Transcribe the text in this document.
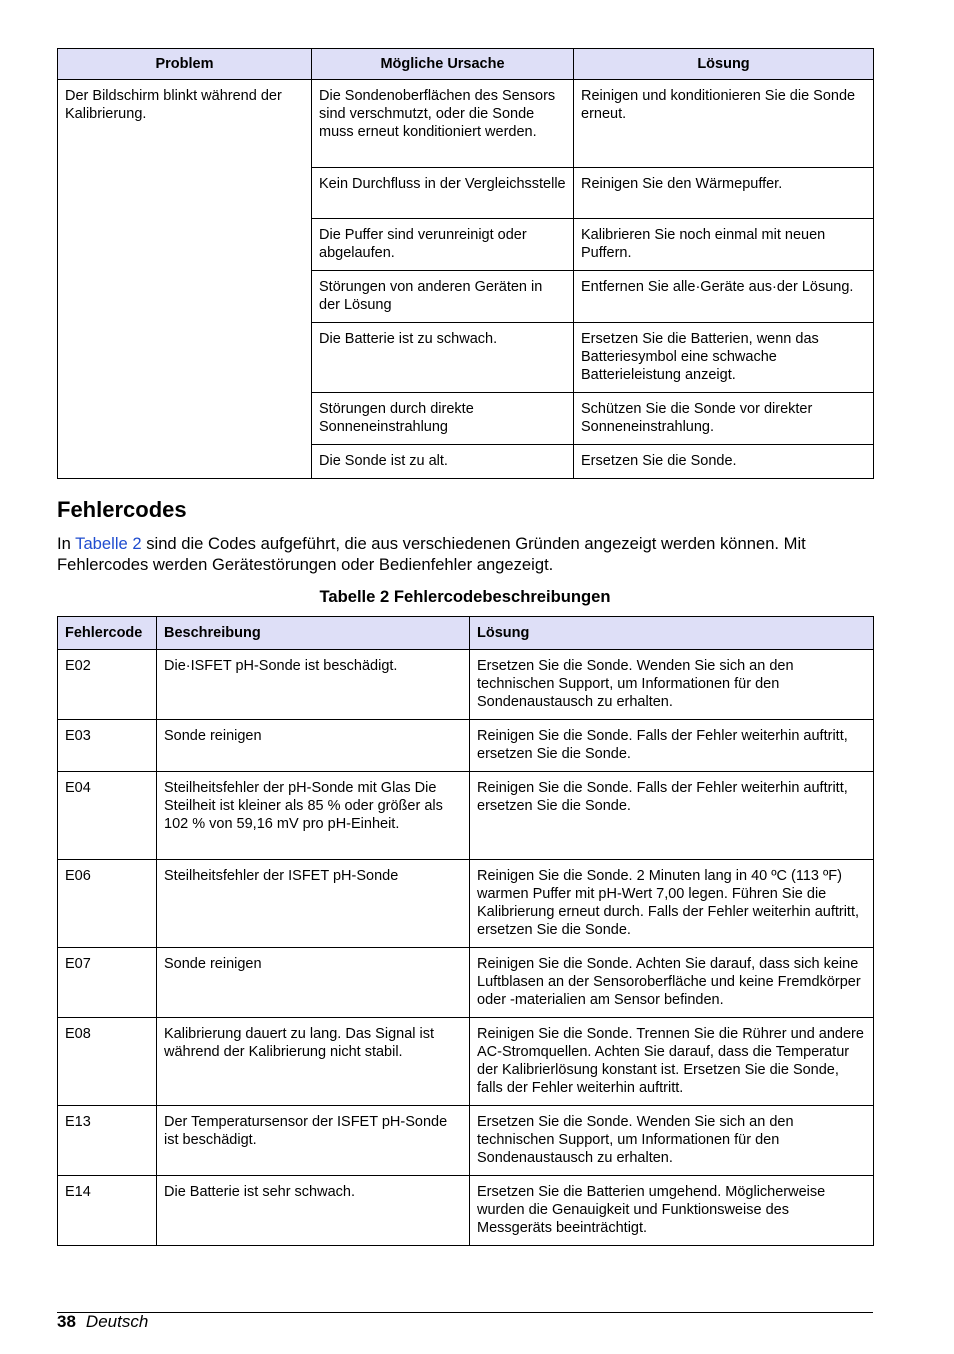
Problem	Mögliche Ursache	Lösung
Der Bildschirm blinkt während der Kalibrierung.	Die Sondenoberflächen des Sensors sind verschmutzt, oder die Sonde muss erneut konditioniert werden.	Reinigen und konditionieren Sie die Sonde erneut.
	Kein Durchfluss in der Vergleichsstelle	Reinigen Sie den Wärmepuffer.
	Die Puffer sind verunreinigt oder abgelaufen.	Kalibrieren Sie noch einmal mit neuen Puffern.
	Störungen von anderen Geräten in der Lösung	Entfernen Sie alle·Geräte aus·der Lösung.
	Die Batterie ist zu schwach.	Ersetzen Sie die Batterien, wenn das Batteriesymbol eine schwache Batterieleistung anzeigt.
	Störungen durch direkte Sonneneinstrahlung	Schützen Sie die Sonde vor direkter Sonneneinstrahlung.
	Die Sonde ist zu alt.	Ersetzen Sie die Sonde.
Fehlercodes

In Tabelle 2 sind die Codes aufgeführt, die aus verschiedenen Gründen angezeigt werden können. Mit Fehlercodes werden Gerätestörungen oder Bedienfehler angezeigt.

Tabelle 2 Fehlercodebeschreibungen

Fehlercode	Beschreibung	Lösung
E02	Die·ISFET pH-Sonde ist beschädigt.	Ersetzen Sie die Sonde. Wenden Sie sich an den technischen Support, um Informationen für den Sondenaustausch zu erhalten.
E03	Sonde reinigen	Reinigen Sie die Sonde. Falls der Fehler weiterhin auftritt, ersetzen Sie die Sonde.
E04	Steilheitsfehler der pH-Sonde mit Glas Die Steilheit ist kleiner als 85 % oder größer als 102 % von 59,16 mV pro pH-Einheit.	Reinigen Sie die Sonde. Falls der Fehler weiterhin auftritt, ersetzen Sie die Sonde.
E06	Steilheitsfehler der ISFET pH-Sonde	Reinigen Sie die Sonde. 2 Minuten lang in 40 ºC (113 ºF) warmen Puffer mit pH-Wert 7,00 legen. Führen Sie die Kalibrierung erneut durch. Falls der Fehler weiterhin auftritt, ersetzen Sie die Sonde.
E07	Sonde reinigen	Reinigen Sie die Sonde. Achten Sie darauf, dass sich keine Luftblasen an der Sensoroberfläche und keine Fremdkörper oder -materialien am Sensor befinden.
E08	Kalibrierung dauert zu lang. Das Signal ist während der Kalibrierung nicht stabil.	Reinigen Sie die Sonde. Trennen Sie die Rührer und andere AC-Stromquellen. Achten Sie darauf, dass die Temperatur der Kalibrierlösung konstant ist. Ersetzen Sie die Sonde, falls der Fehler weiterhin auftritt.
E13	Der Temperatursensor der ISFET pH-Sonde ist beschädigt.	Ersetzen Sie die Sonde. Wenden Sie sich an den technischen Support, um Informationen für den Sondenaustausch zu erhalten.
E14	Die Batterie ist sehr schwach.	Ersetzen Sie die Batterien umgehend. Möglicherweise wurden die Genauigkeit und Funktionsweise des Messgeräts beeinträchtigt.
38 Deutsch
